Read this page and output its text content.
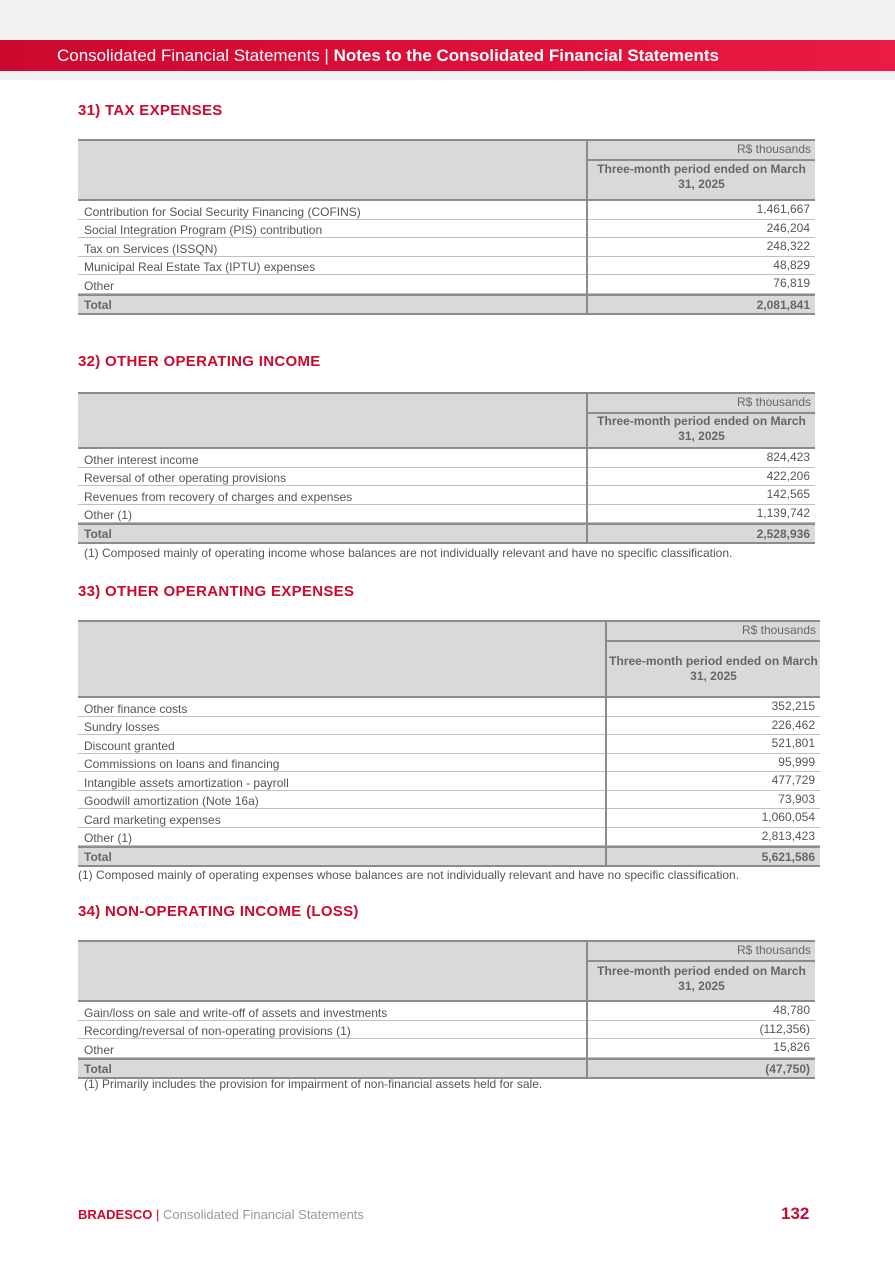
Consolidated Financial Statements | Notes to the Consolidated Financial Statements
31) TAX EXPENSES
R$ thousands
Three-month period ended on March 31, 2025
Contribution for Social Security Financing (COFINS)	1,461,667
Social Integration Program (PIS) contribution	246,204
Tax on Services (ISSQN)	248,322
Municipal Real Estate Tax (IPTU) expenses	48,829
Other	76,819
Total	2,081,841
32) OTHER OPERATING INCOME
R$ thousands
Three-month period ended on March 31, 2025
Other interest income	824,423
Reversal of other operating provisions	422,206
Revenues from recovery of charges and expenses	142,565
Other (1)	1,139,742
Total	2,528,936
(1) Composed mainly of operating income whose balances are not individually relevant and have no specific classification.
33) OTHER OPERANTING EXPENSES
R$ thousands
Three-month period ended on March 31, 2025
Other finance costs	352,215
Sundry losses	226,462
Discount granted	521,801
Commissions on loans and financing	95,999
Intangible assets amortization - payroll	477,729
Goodwill amortization (Note 16a)	73,903
Card marketing expenses	1,060,054
Other (1)	2,813,423
Total	5,621,586
(1) Composed mainly of operating expenses whose balances are not individually relevant and have no specific classification.
34) NON-OPERATING INCOME (LOSS)
R$ thousands
Three-month period ended on March 31, 2025
Gain/loss on sale and write-off of assets and investments	48,780
Recording/reversal of non-operating provisions (1)	(112,356)
Other	15,826
Total	(47,750)
(1) Primarily includes the provision for impairment of non-financial assets held for sale.
BRADESCO | Consolidated Financial Statements	132
